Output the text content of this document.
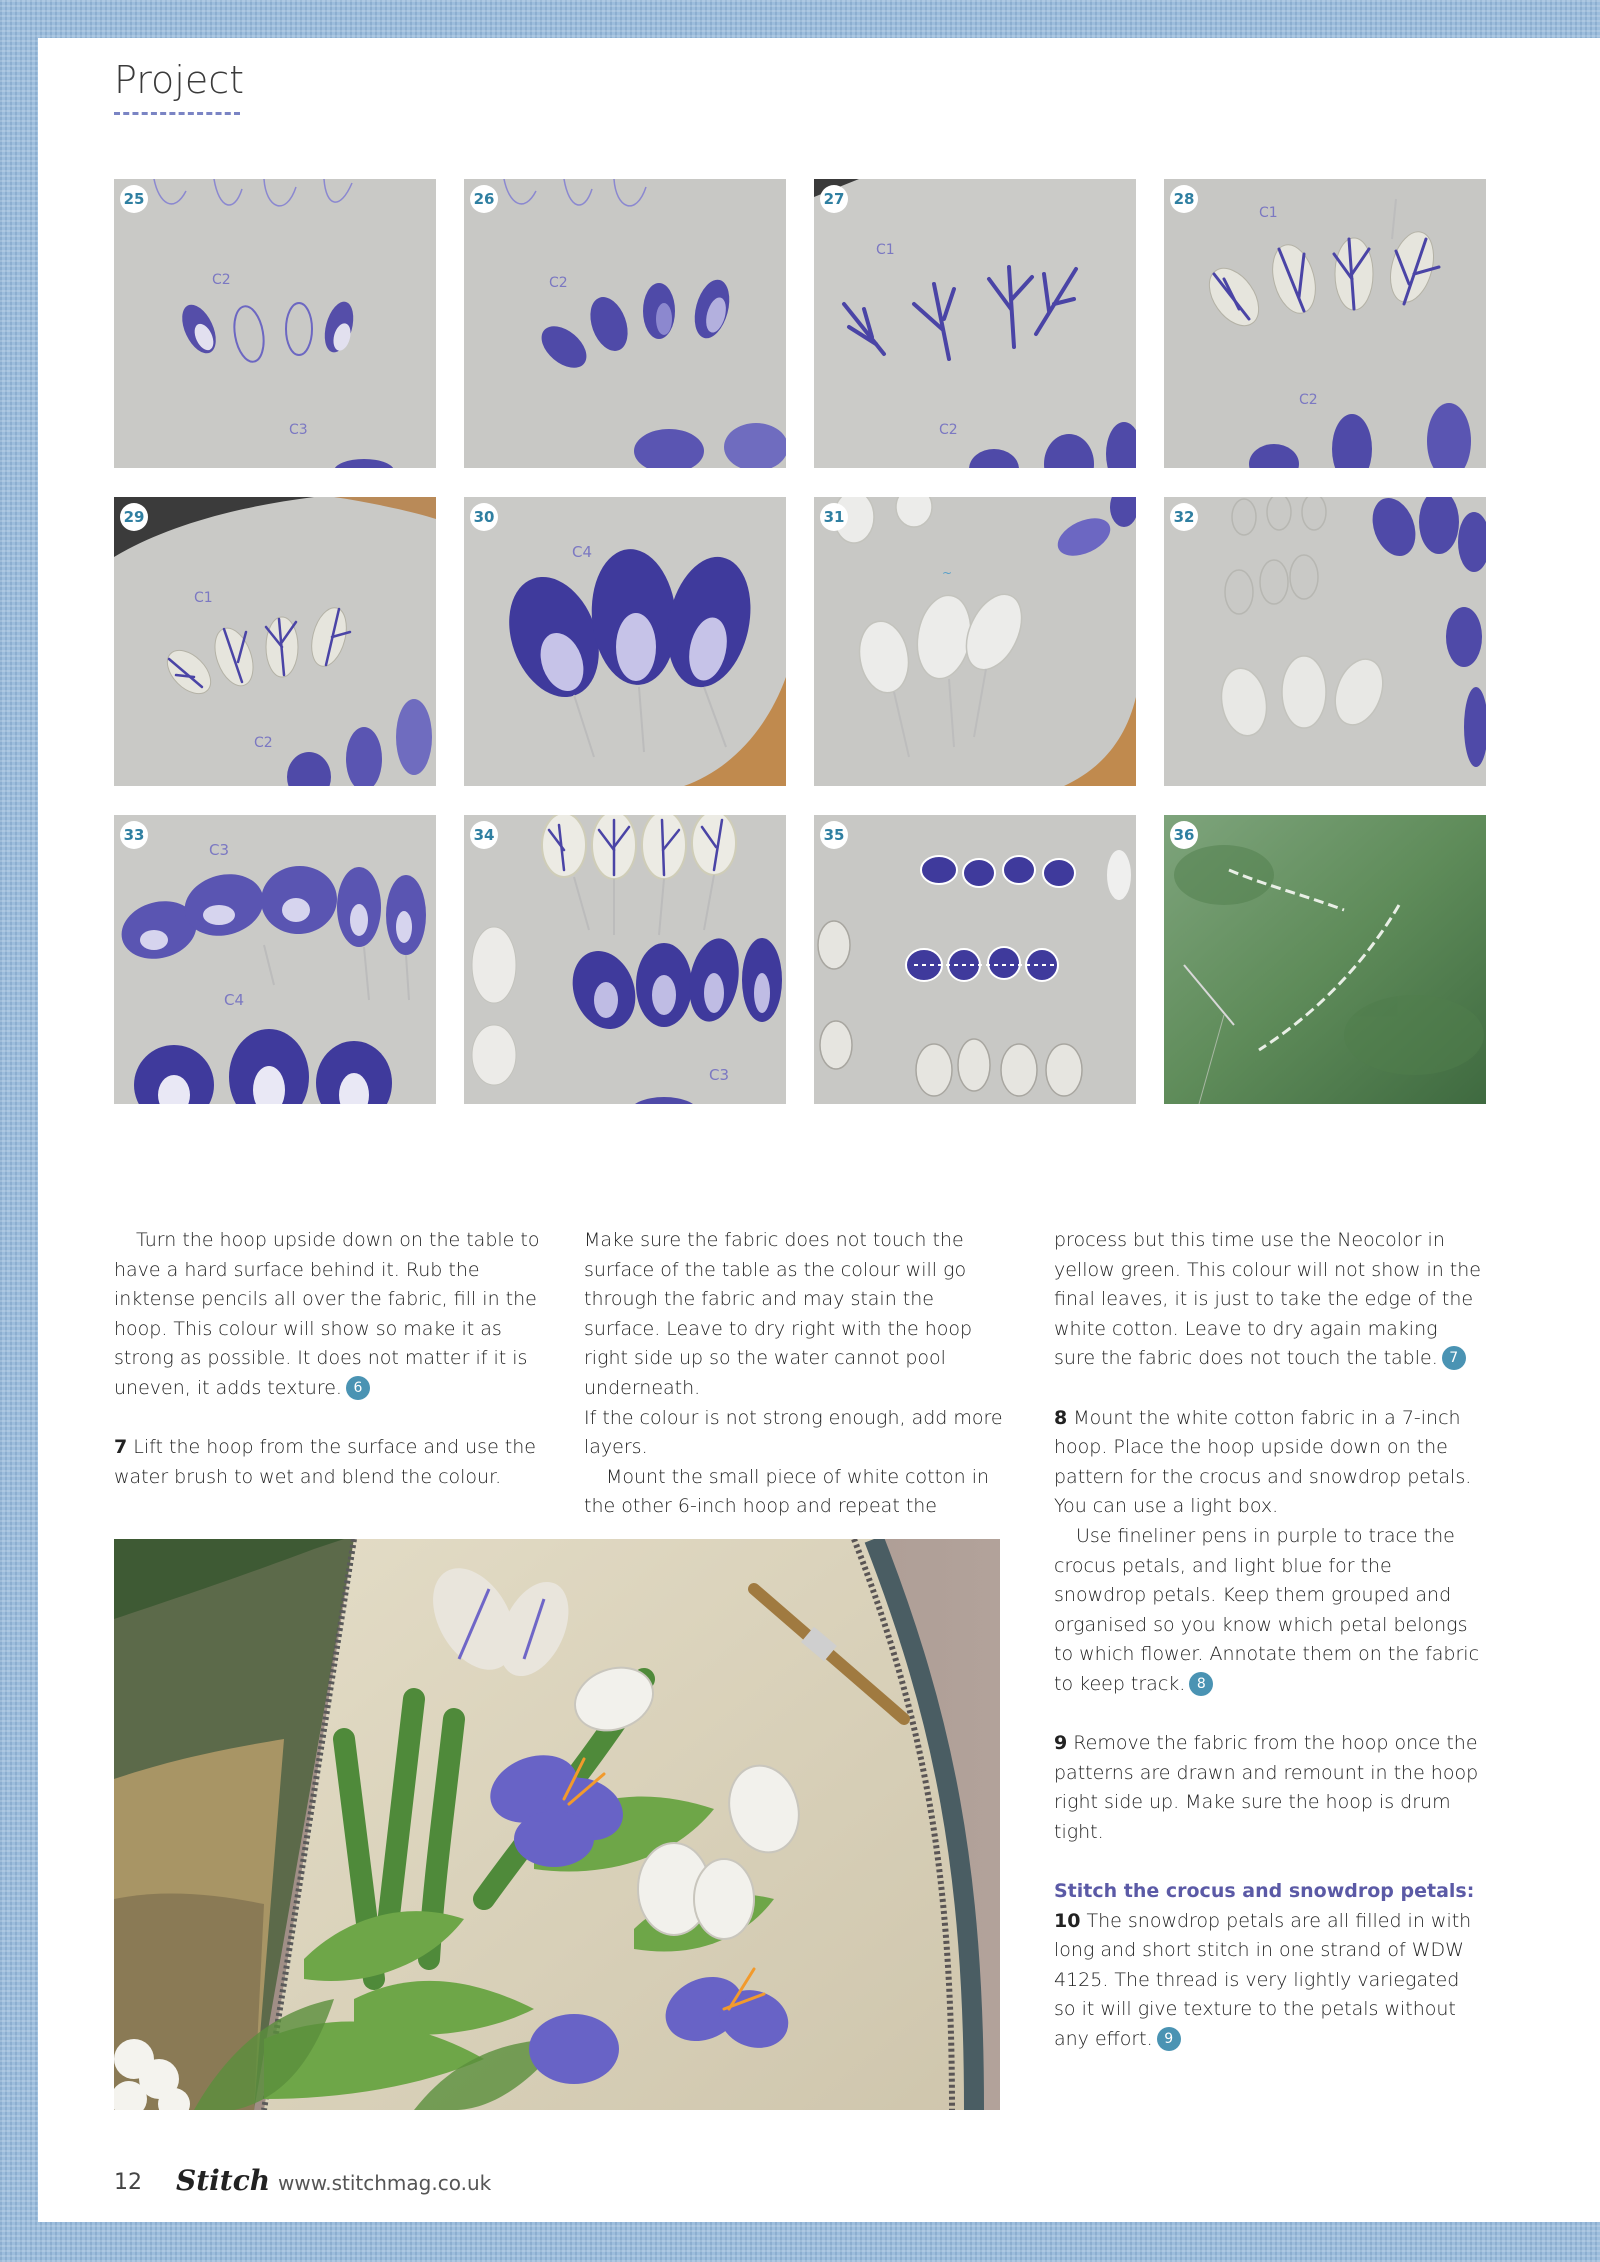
Project
C2
C3
25
C2
26
C1
C2
27
C1
C2
28
C1
C2
29
C4
30
~
31	32
C3
C4
33
C3
34	35	36

Turn the hoop upside down on the table to have a hard surface behind it. Rub the inktense pencils all over the fabric, fill in the hoop. This colour will show so make it as strong as possible. It does not matter if it is uneven, it adds texture. 6

7 Lift the hoop from the surface and use the water brush to wet and blend the colour.

Make sure the fabric does not touch the surface of the table as the colour will go through the fabric and may stain the surface. Leave to dry right with the hoop right side up so the water cannot pool underneath.

If the colour is not strong enough, add more layers.

Mount the small piece of white cotton in the other 6-inch hoop and repeat the

process but this time use the Neocolor in yellow green. This colour will not show in the final leaves, it is just to take the edge of the white cotton. Leave to dry again making sure the fabric does not touch the table. 7

8 Mount the white cotton fabric in a 7-inch hoop. Place the hoop upside down on the pattern for the crocus and snowdrop petals. You can use a light box.

Use fineliner pens in purple to trace the crocus petals, and light blue for the snowdrop petals. Keep them grouped and organised so you know which petal belongs to which flower. Annotate them on the fabric to keep track. 8

9 Remove the fabric from the hoop once the patterns are drawn and remount in the hoop right side up. Make sure the hoop is drum tight.

Stitch the crocus and snowdrop petals:

10 The snowdrop petals are all filled in with long and short stitch in one strand of WDW 4125. The thread is very lightly variegated so it will give texture to the petals without any effort. 9

12 Stitch www.stitchmag.co.uk
